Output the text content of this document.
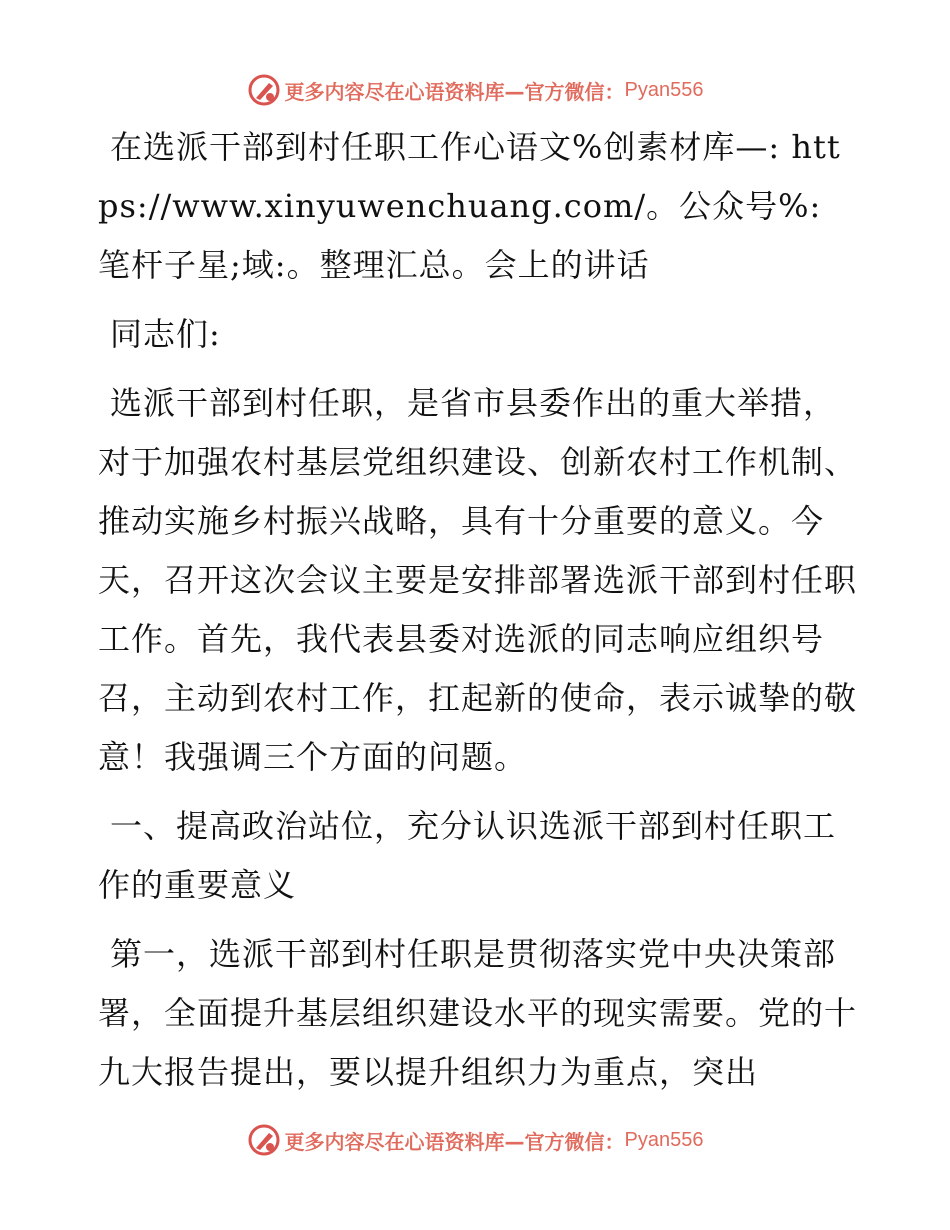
更多内容尽在心语资料库—官方微信： Pyan556

在选派干部到村任职工作心语文%创素材库—: https://www.xinyuwenchuang.com/。公众号%: 笔杆子星;域:。整理汇总。会上的讲话

同志们:

选派干部到村任职，是省市县委作出的重大举措，对于加强农村基层党组织建设、创新农村工作机制、推动实施乡村振兴战略，具有十分重要的意义。今天，召开这次会议主要是安排部署选派干部到村任职工作。首先，我代表县委对选派的同志响应组织号召，主动到农村工作，扛起新的使命，表示诚挚的敬意！我强调三个方面的问题。

一、提高政治站位，充分认识选派干部到村任职工作的重要意义

第一，选派干部到村任职是贯彻落实党中央决策部署，全面提升基层组织建设水平的现实需要。党的十九大报告提出，要以提升组织力为重点，突出

更多内容尽在心语资料库—官方微信： Pyan556
